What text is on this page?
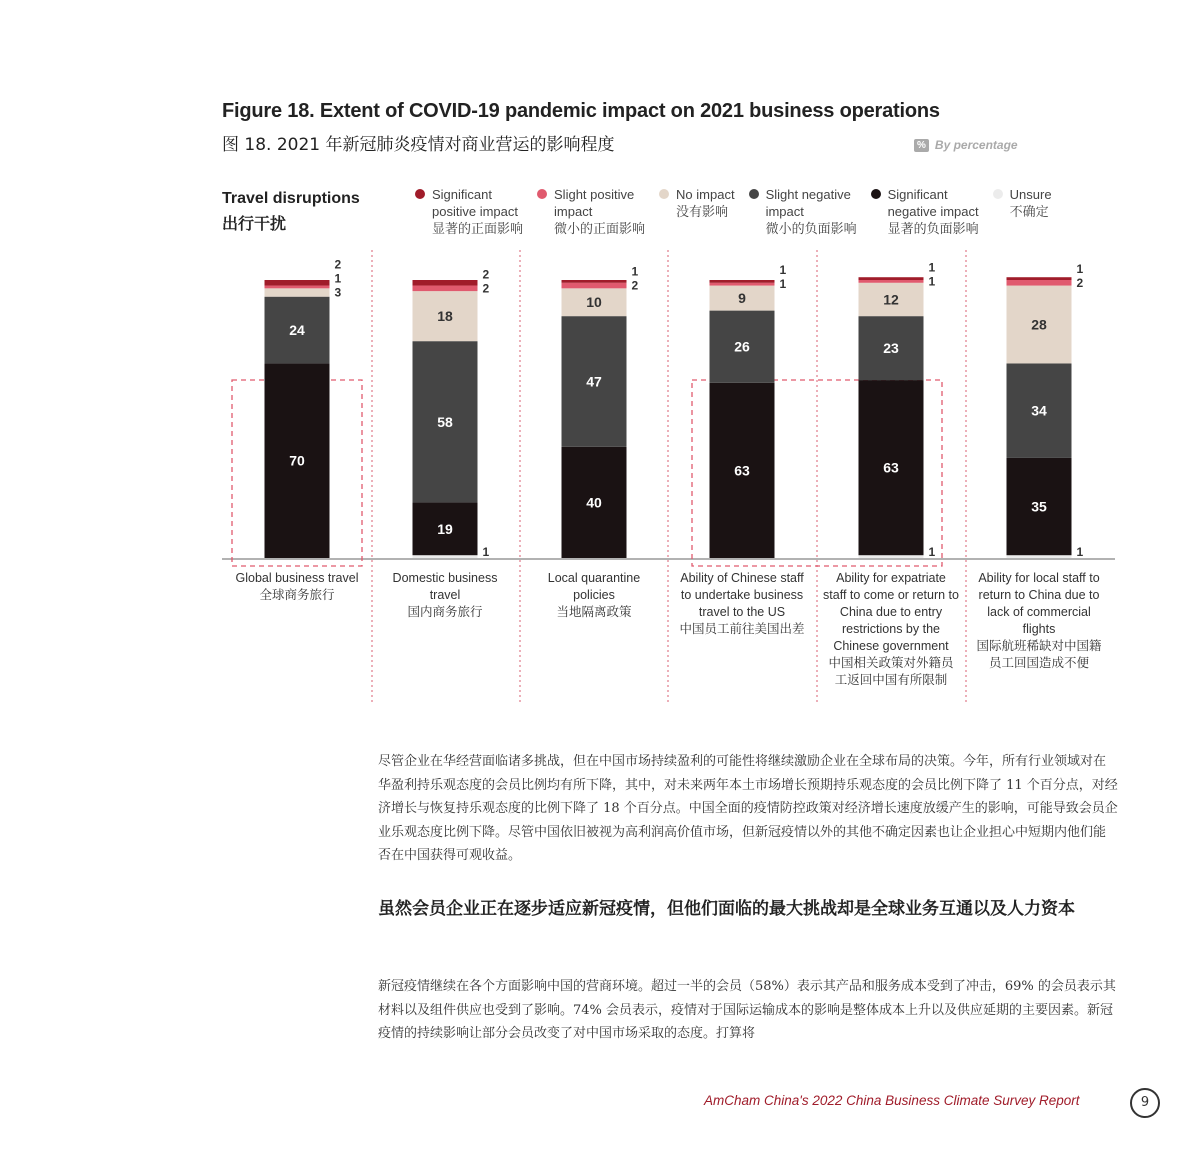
Figure 18. Extent of COVID-19 pandemic impact on 2021 business operations
图 18. 2021 年新冠肺炎疫情对商业营运的影响程度	% By percentage
Travel disruptions
出行干扰
Significant
positive impact
显著的正面影响
Slight positive
impact
微小的正面影响
No impact
没有影响
Slight negative
impact
微小的负面影响
Significant
negative impact
显著的负面影响
Unsure
不确定
70
24
3
1
2
1
19
58
18
2
2
40
47
10
2
1
63
26
9
1
1
1
63
23
12
1
1
1
35
34
28
2
1
Global business travel
全球商务旅行
Domestic business travel
国内商务旅行
Local quarantine policies
当地隔离政策
Ability of Chinese staff to undertake business travel to the US
中国员工前往美国出差
Ability for expatriate staff to come or return to China due to entry restrictions by the Chinese government
中国相关政策对外籍员工返回中国有所限制
Ability for local staff to return to China due to lack of commercial flights
国际航班稀缺对中国籍员工回国造成不便
尽管企业在华经营面临诸多挑战，但在中国市场持续盈利的可能性将继续激励企业在全球布局的决策。今年，所有行业领域对在华盈利持乐观态度的会员比例均有所下降，其中，对未来两年本土市场增长预期持乐观态度的会员比例下降了 11 个百分点，对经济增长与恢复持乐观态度的比例下降了 18 个百分点。中国全面的疫情防控政策对经济增长速度放缓产生的影响，可能导致会员企业乐观态度比例下降。尽管中国依旧被视为高利润高价值市场，但新冠疫情以外的其他不确定因素也让企业担心中短期内他们能否在中国获得可观收益。
虽然会员企业正在逐步适应新冠疫情，但他们面临的最大挑战却是全球业务互通以及人力资本
新冠疫情继续在各个方面影响中国的营商环境。超过一半的会员（58%）表示其产品和服务成本受到了冲击，69% 的会员表示其材料以及组件供应也受到了影响。74% 会员表示，疫情对于国际运输成本的影响是整体成本上升以及供应延期的主要因素。新冠疫情的持续影响让部分会员改变了对中国市场采取的态度。打算将
AmCham China's 2022 China Business Climate Survey Report	9
